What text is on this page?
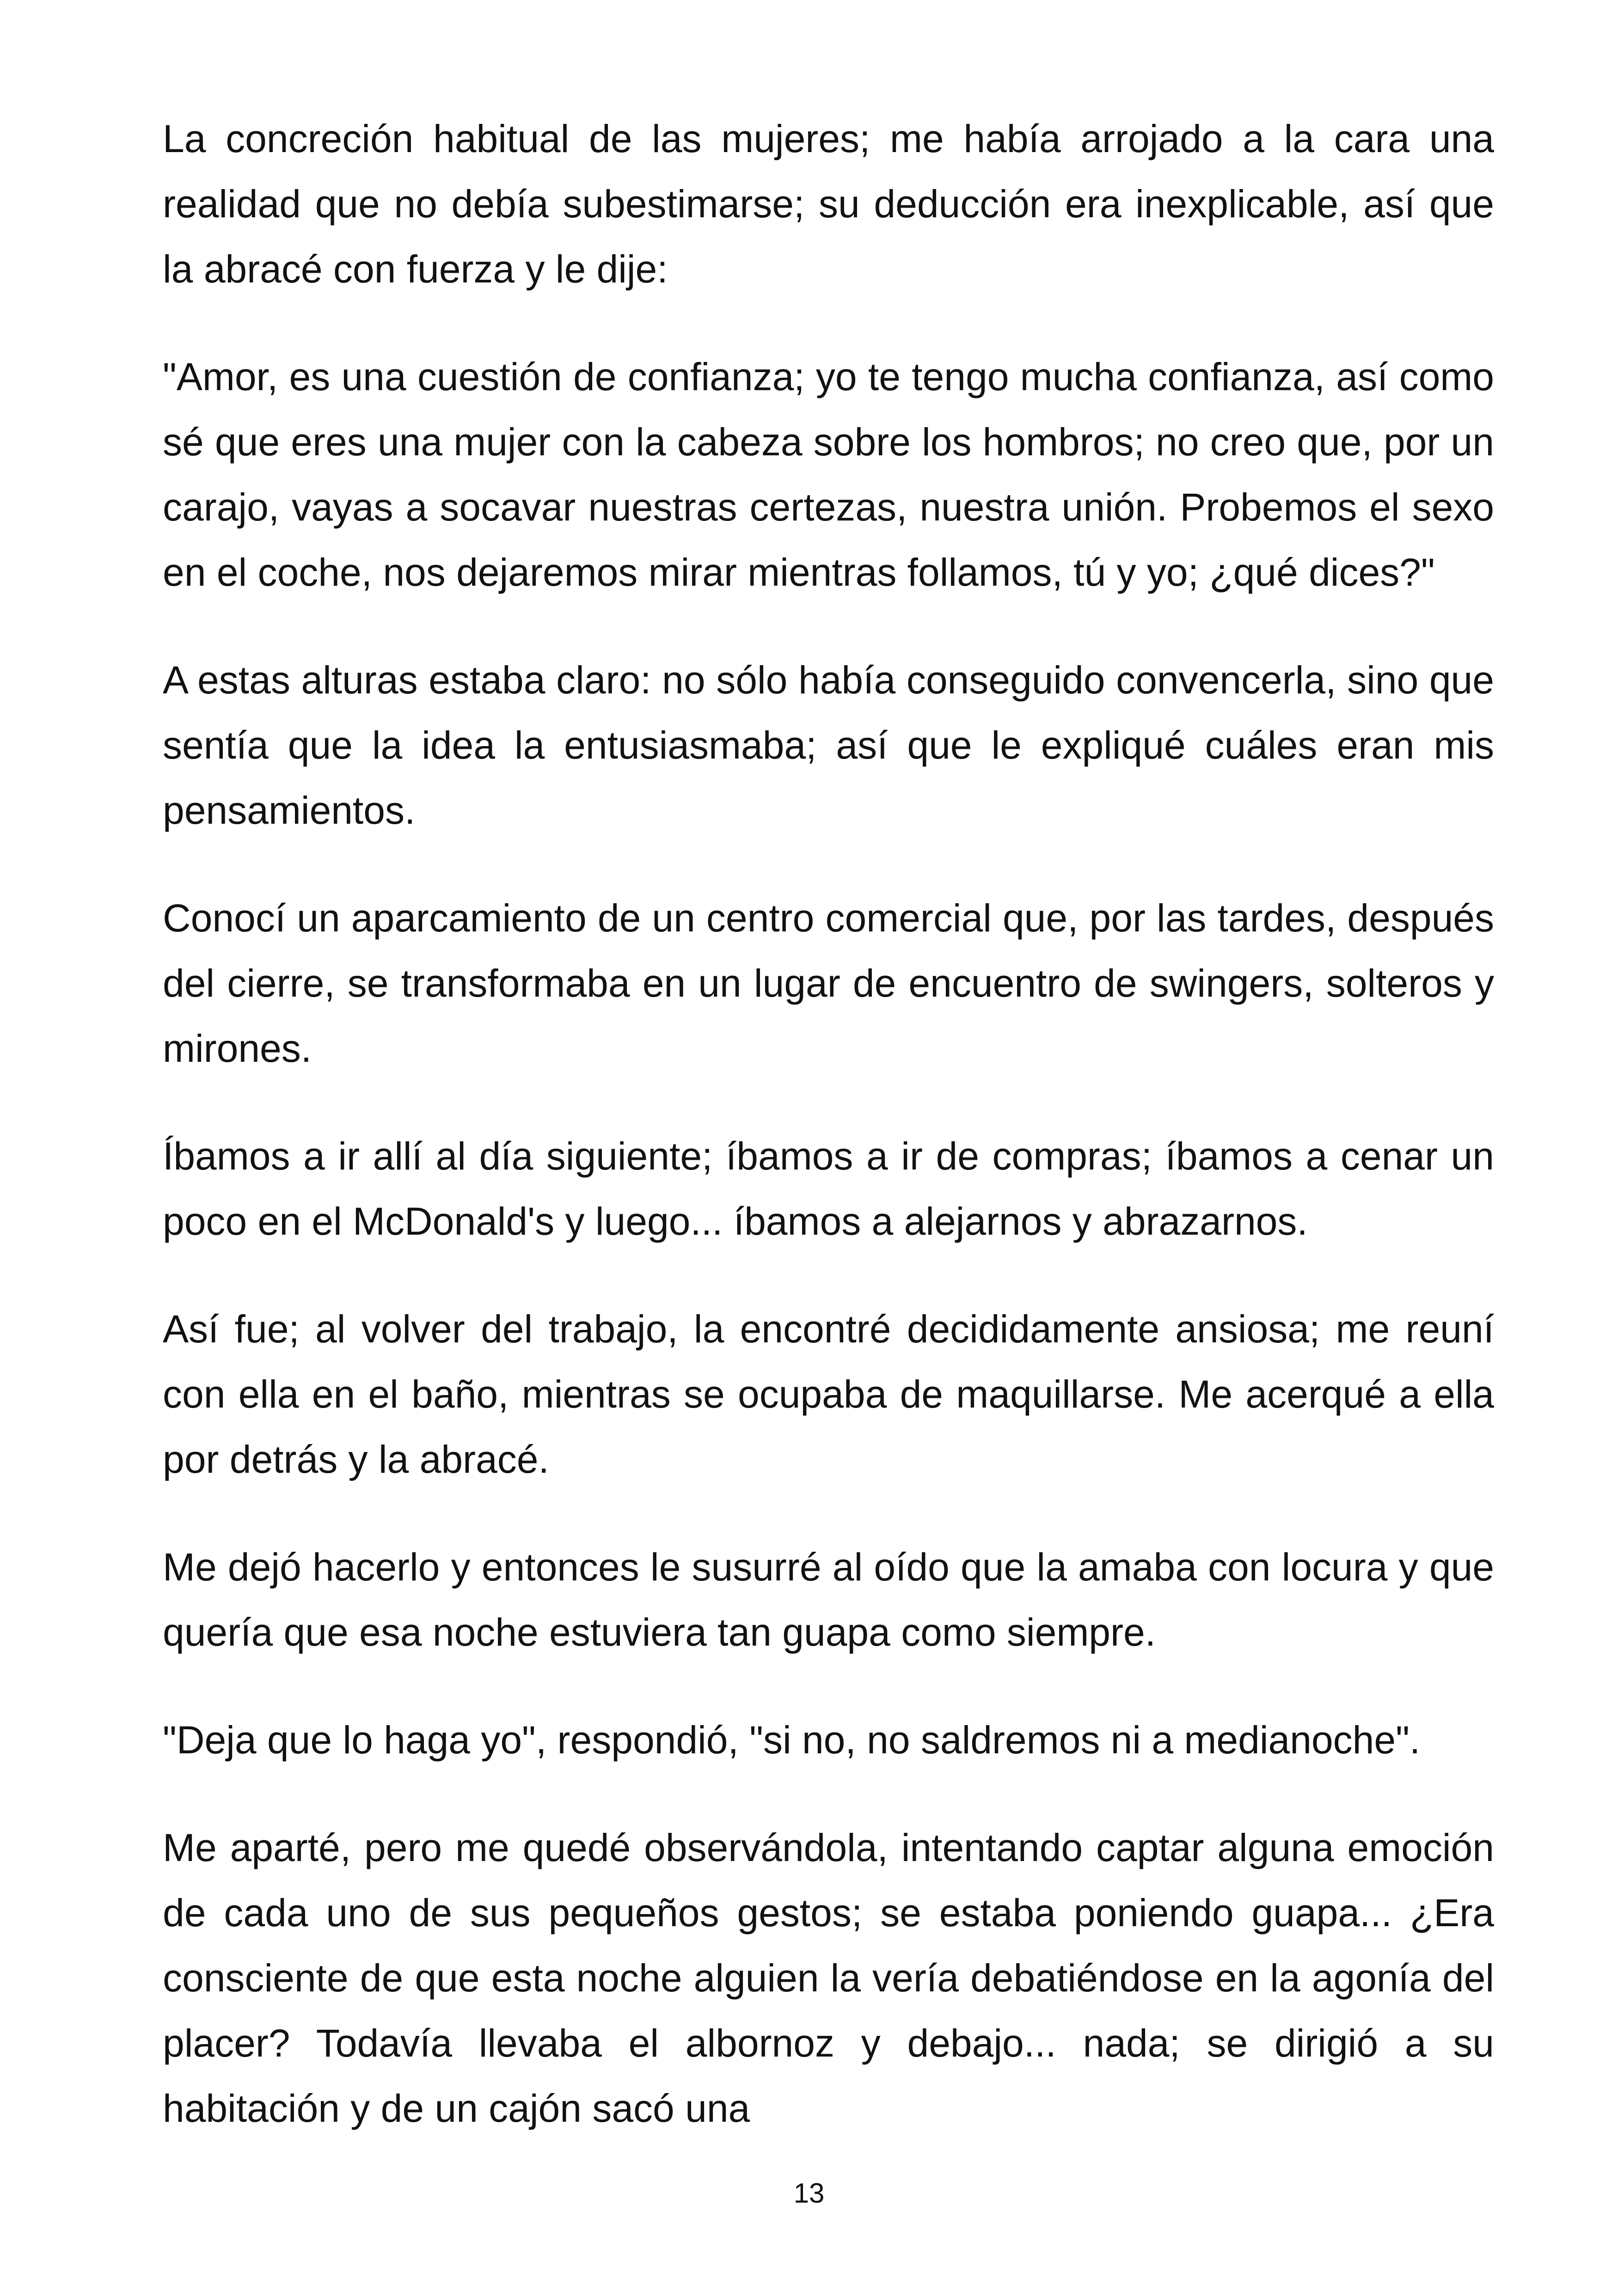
La concreción habitual de las mujeres; me había arrojado a la cara una realidad que no debía subestimarse; su deducción era inexplicable, así que la abracé con fuerza y le dije:

"Amor, es una cuestión de confianza; yo te tengo mucha confianza, así como sé que eres una mujer con la cabeza sobre los hombros; no creo que, por un carajo, vayas a socavar nuestras certezas, nuestra unión. Probemos el sexo en el coche, nos dejaremos mirar mientras follamos, tú y yo; ¿qué dices?"

A estas alturas estaba claro: no sólo había conseguido convencerla, sino que sentía que la idea la entusiasmaba; así que le expliqué cuáles eran mis pensamientos.

Conocí un aparcamiento de un centro comercial que, por las tardes, después del cierre, se transformaba en un lugar de encuentro de swingers, solteros y mirones.

Íbamos a ir allí al día siguiente; íbamos a ir de compras; íbamos a cenar un poco en el McDonald's y luego... íbamos a alejarnos y abrazarnos.

Así fue; al volver del trabajo, la encontré decididamente ansiosa; me reuní con ella en el baño, mientras se ocupaba de maquillarse. Me acerqué a ella por detrás y la abracé.

Me dejó hacerlo y entonces le susurré al oído que la amaba con locura y que quería que esa noche estuviera tan guapa como siempre.

"Deja que lo haga yo", respondió, "si no, no saldremos ni a medianoche".

Me aparté, pero me quedé observándola, intentando captar alguna emoción de cada uno de sus pequeños gestos; se estaba poniendo guapa... ¿Era consciente de que esta noche alguien la vería debatiéndose en la agonía del placer? Todavía llevaba el albornoz y debajo... nada; se dirigió a su habitación y de un cajón sacó una

13
